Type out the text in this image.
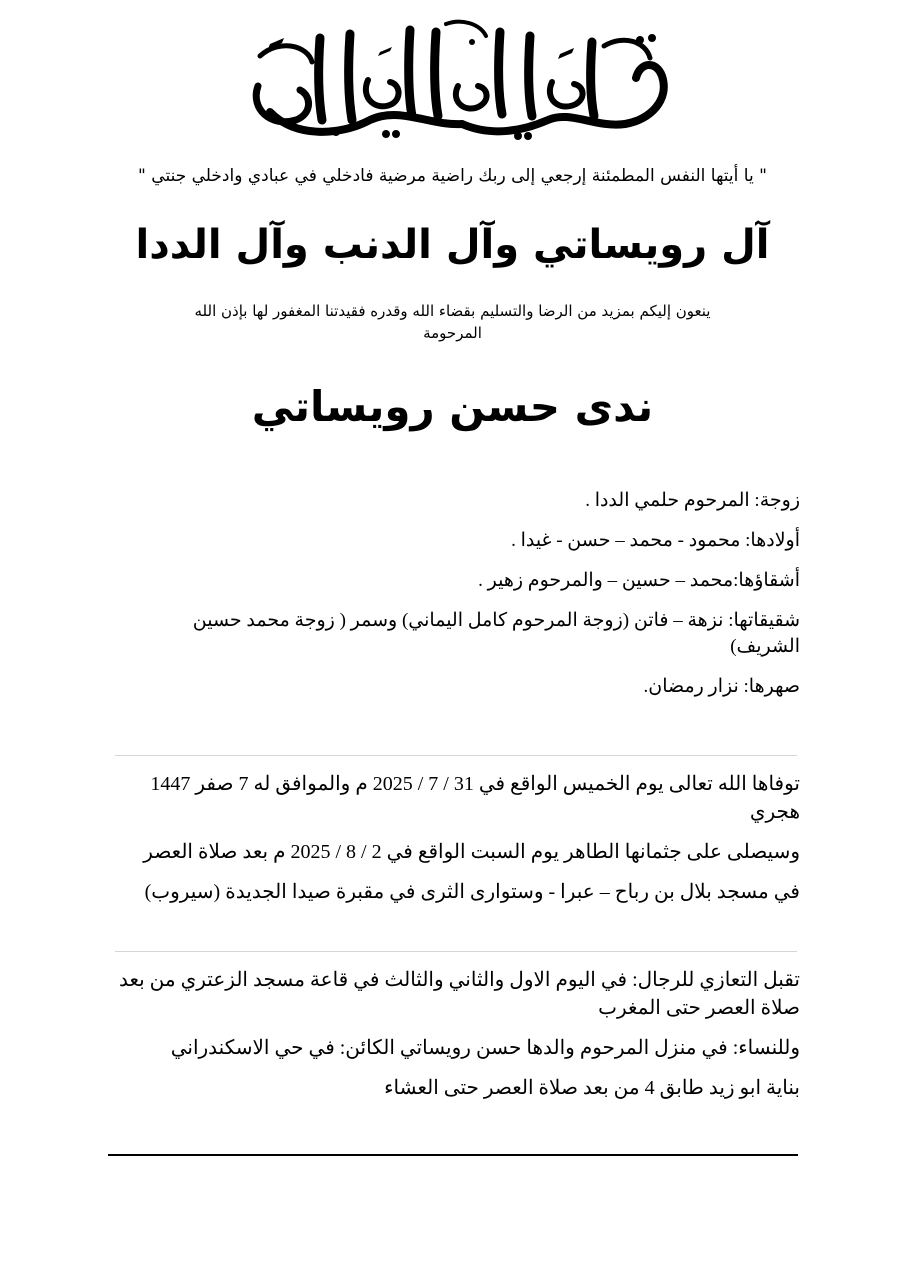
" يا أيتها النفس المطمئنة إرجعي إلى ربك راضية مرضية فادخلي في عبادي وادخلي جنتي "
آل رويساتي وآل الدنب وآل الددا
ينعون إليكم بمزيد من الرضا والتسليم بقضاء الله وقدره فقيدتنا المغفور لها بإذن الله
المرحومة
ندى حسن رويساتي

زوجة: المرحوم حلمي الددا .

أولادها: محمود - محمد – حسن - غيدا .

أشقاؤها:محمد – حسين – والمرحوم زهير .

شقيقاتها: نزهة – فاتن (زوجة المرحوم كامل اليماني) وسمر ( زوجة محمد حسين

الشريف)

صهرها: نزار رمضان.

توفاها الله تعالى يوم الخميس الواقع في 31 / 7 / 2025 م والموافق له 7 صفر 1447

هجري

وسيصلى على جثمانها الطاهر يوم السبت الواقع في 2 / 8 / 2025 م بعد صلاة العصر

في مسجد بلال بن رباح – عبرا - وستوارى الثرى في مقبرة صيدا الجديدة (سيروب)

تقبل التعازي للرجال: في اليوم الاول والثاني والثالث في قاعة مسجد الزعتري من بعد

صلاة العصر حتى المغرب

وللنساء: في منزل المرحوم والدها حسن رويساتي الكائن: في حي الاسكندراني

بناية ابو زيد طابق 4 من بعد صلاة العصر حتى العشاء
